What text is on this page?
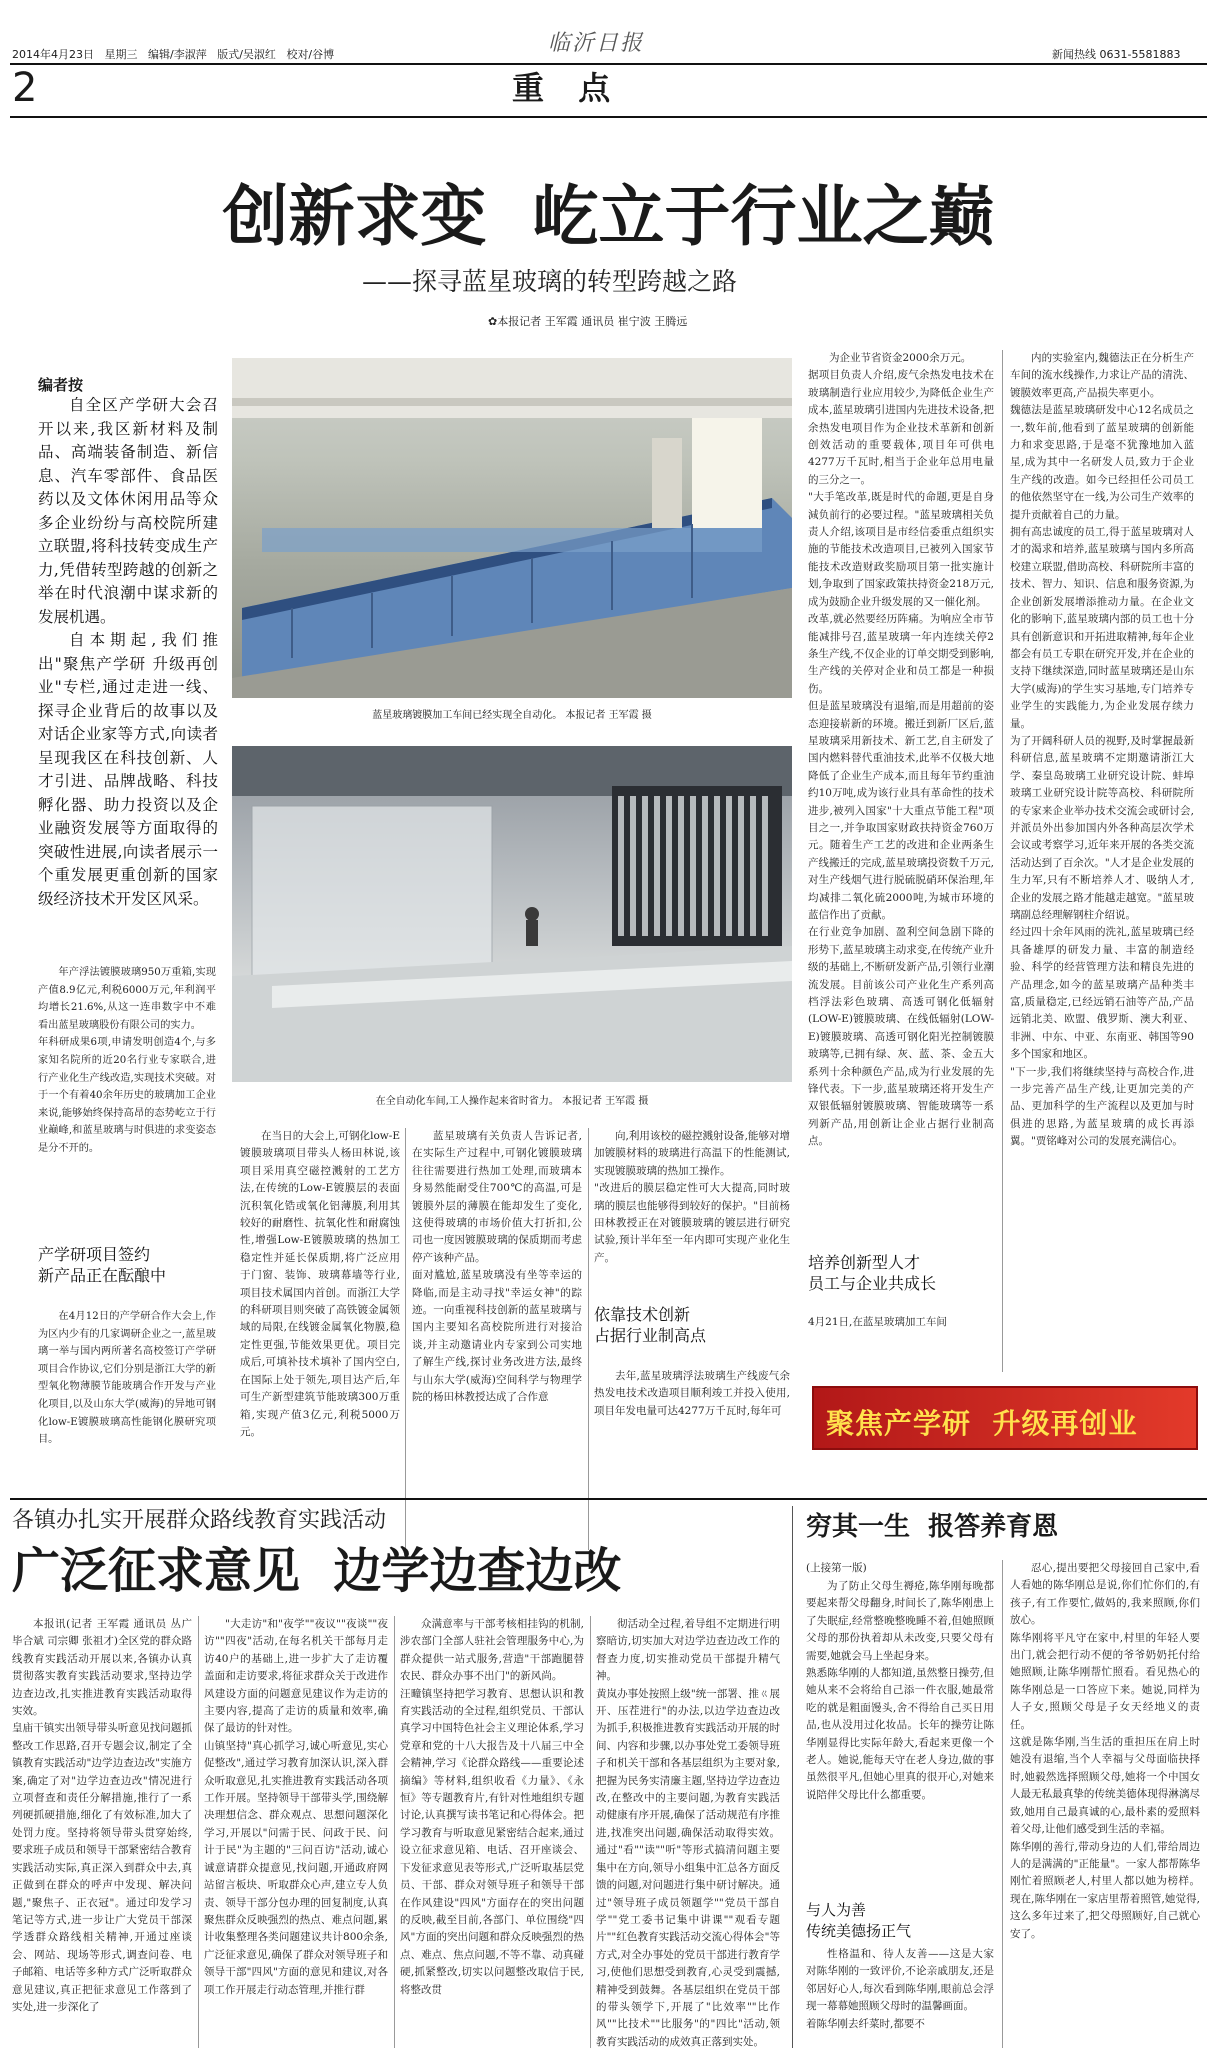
2014年4月23日 星期三 编辑/李淑萍 版式/吴淑红 校对/谷博	临沂日报	新闻热线 0631-5581883
2	重  点
创新求变  屹立于行业之巅
——探寻蓝星玻璃的转型跨越之路
✿本报记者 王军霞 通讯员 崔宁波 王腾远
编者按

自全区产学研大会召开以来,我区新材料及制品、高端装备制造、新信息、汽车零部件、食品医药以及文体休闲用品等众多企业纷纷与高校院所建立联盟,将科技转变成生产力,凭借转型跨越的创新之举在时代浪潮中谋求新的发展机遇。

自本期起,我们推出"聚焦产学研 升级再创业"专栏,通过走进一线、探寻企业背后的故事以及对话企业家等方式,向读者呈现我区在科技创新、人才引进、品牌战略、科技孵化器、助力投资以及企业融资发展等方面取得的突破性进展,向读者展示一个重发展更重创新的国家级经济技术开发区风采。

年产浮法镀膜玻璃950万重箱,实现产值8.9亿元,利税6000万元,年利润平均增长21.6%,从这一连串数字中不难看出蓝星玻璃股份有限公司的实力。
年科研成果6项,申请发明创造4个,与多家知名院所的近20名行业专家联合,进行产业化生产线改造,实现技术突破。对于一个有着40余年历史的玻璃加工企业来说,能够始终保持高昂的态势屹立于行业巅峰,和蓝星玻璃与时俱进的求变姿态是分不开的。
产学研项目签约
新产品正在酝酿中
在4月12日的产学研合作大会上,作为区内少有的几家调研企业之一,蓝星玻璃一举与国内两所著名高校签订产学研项目合作协议,它们分别是浙江大学的新型氧化物薄膜节能玻璃合作开发与产业化项目,以及山东大学(威海)的异地可钢化low-E镀膜玻璃高性能钢化膜研究项目。
蓝星玻璃镀膜加工车间已经实现全自动化。 本报记者 王军霞 摄
在全自动化车间,工人操作起来省时省力。 本报记者 王军霞 摄
在当日的大会上,可钢化low-E镀膜玻璃项目带头人杨田林说,该项目采用真空磁控溅射的工艺方法,在传统的Low-E镀膜层的表面沉积氧化锆或氧化铝薄膜,利用其较好的耐磨性、抗氧化性和耐腐蚀性,增强Low-E镀膜玻璃的热加工稳定性并延长保质期,将广泛应用于门窗、装饰、玻璃幕墙等行业,项目技术属国内首创。而浙江大学的科研项目则突破了高铁镀金属领域的局限,在线镀金属氧化物膜,稳定性更强,节能效果更优。项目完成后,可填补技术填补了国内空白,在国际上处于领先,项目达产后,年可生产新型建筑节能玻璃300万重箱,实现产值3亿元,利税5000万元。
蓝星玻璃有关负责人告诉记者,在实际生产过程中,可钢化镀膜玻璃往往需要进行热加工处理,而玻璃本身易然能耐受住700℃的高温,可是镀膜外层的薄膜在能却发生了变化,这使得玻璃的市场价值大打折扣,公司也一度因镀膜玻璃的保质期而考虑停产该种产品。
面对尴尬,蓝星玻璃没有坐等幸运的降临,而是主动寻找"幸运女神"的踪迹。一向重视科技创新的蓝星玻璃与国内主要知名高校院所进行对接洽谈,并主动邀请业内专家到公司实地了解生产线,探讨业务改进方法,最终与山东大学(威海)空间科学与物理学院的杨田林教授达成了合作意
向,利用该校的磁控溅射设备,能够对增加镀膜材料的玻璃进行高温下的性能测试,实现镀膜玻璃的热加工操作。
"改进后的膜层稳定性可大大提高,同时玻璃的膜层也能够得到较好的保护。"目前杨田林教授正在对镀膜玻璃的镀层进行研究试验,预计半年至一年内即可实现产业化生产。
依靠技术创新
占据行业制高点
去年,蓝星玻璃浮法玻璃生产线废气余热发电技术改造项目顺利竣工并投入使用,项目年发电量可达4277万千瓦时,每年可
为企业节省资金2000余万元。
据项目负责人介绍,废气余热发电技术在玻璃制造行业应用较少,为降低企业生产成本,蓝星玻璃引进国内先进技术设备,把余热发电项目作为企业技术革新和创新创效活动的重要载体,项目年可供电4277万千瓦时,相当于企业年总用电量的三分之一。
"大手笔改革,既是时代的命题,更是自身減负前行的必要过程。"蓝星玻璃相关负责人介绍,该项目是市经信委重点组织实施的节能技术改造项目,已被列入国家节能技术改造财政奖励项目第一批实施计划,争取到了国家政策扶持资金218万元,成为鼓励企业升级发展的又一催化剂。
改革,就必然要经历阵痛。为响应全市节能减排号召,蓝星玻璃一年内连续关停2条生产线,不仅企业的订单交期受到影响,生产线的关停对企业和员工都是一种损伤。
但是蓝星玻璃没有退缩,而是用超前的姿态迎接崭新的环境。搬迁到新厂区后,蓝星玻璃采用新技术、新工艺,自主研发了国内燃料替代重油技术,此举不仅极大地降低了企业生产成本,而且每年节约重油约10万吨,成为该行业具有革命性的技术进步,被列入国家"十大重点节能工程"项目之一,并争取国家财政扶持资金760万元。随着生产工艺的改进和企业两条生产线搬迁的完成,蓝星玻璃投资数千万元,对生产线烟气进行脱硫脱硝环保治理,年均减排二氧化硫2000吨,为城市环境的蓝信作出了贡献。
在行业竞争加剧、盈利空间急剧下降的形势下,蓝星玻璃主动求变,在传统产业升级的基础上,不断研发新产品,引领行业潮流发展。目前该公司产业化生产系列高档浮法彩色玻璃、高透可钢化低辐射(LOW-E)镀膜玻璃、在线低辐射(LOW-E)镀膜玻璃、高透可钢化阳光控制镀膜玻璃等,已拥有绿、灰、蓝、茶、金五大系列十余种颜色产品,成为行业发展的先锋代表。下一步,蓝星玻璃还将开发生产双银低辐射镀膜玻璃、智能玻璃等一系列新产品,用创新让企业占据行业制高点。
培养创新型人才
员工与企业共成长
4月21日,在蓝星玻璃加工车间
内的实验室内,魏德法正在分析生产车间的流水线操作,力求让产品的清洗、镀膜效率更高,产品损失率更小。
魏德法是蓝星玻璃研发中心12名成员之一,数年前,他看到了蓝星玻璃的创新能力和求变思路,于是毫不犹豫地加入蓝星,成为其中一名研发人员,致力于企业生产线的改造。如今已经担任公司员工的他依然坚守在一线,为公司生产效率的提升贡献着自己的力量。
拥有高忠诚度的员工,得于蓝星玻璃对人才的渴求和培养,蓝星玻璃与国内多所高校建立联盟,借助高校、科研院所丰富的技术、智力、知识、信息和服务资源,为企业创新发展增添推动力量。在企业文化的影响下,蓝星玻璃内部的员工也十分具有创新意识和开拓进取精神,每年企业都会有员工专职在研究开发,并在企业的支持下继续深造,同时蓝星玻璃还是山东大学(威海)的学生实习基地,专门培养专业学生的实践能力,为企业发展存续力量。
为了开阔科研人员的视野,及时掌握最新科研信息,蓝星玻璃不定期邀请浙江大学、秦皇岛玻璃工业研究设计院、蚌埠玻璃工业研究设计院等高校、科研院所的专家来企业举办技术交流会或研讨会,并派员外出参加国内外各种高层次学术会议或考察学习,近年来开展的各类交流活动达到了百余次。"人才是企业发展的生力军,只有不断培养人才、吸纳人才,企业的发展之路才能越走越宽。"蓝星玻璃副总经理解钢柱介绍说。
经过四十余年风雨的洗礼,蓝星玻璃已经具备雄厚的研发力量、丰富的制造经验、科学的经营管理方法和精良先进的产品理念,如今的蓝星玻璃产品种类丰富,质量稳定,已经远销石油等产品,产品远销北美、欧盟、俄罗斯、澳大利亚、非洲、中东、中亚、东南亚、韩国等90多个国家和地区。
"下一步,我们将继续坚持与高校合作,进一步完善产品生产线,让更加完美的产品、更加科学的生产流程以及更加与时俱进的思路,为蓝星玻璃的成长再添翼。"贾铭峰对公司的发展充满信心。
聚焦产学研  升级再创业
各镇办扎实开展群众路线教育实践活动
广泛征求意见  边学边查边改
本报讯(记者 王军霞 通讯员 丛广 毕合斌 司宗卿 张祖才)全区党的群众路线教育实践活动开展以来,各镇办认真贯彻落实教育实践活动要求,坚持边学边查边改,扎实推进教育实践活动取得实效。
皇庙干镇实出领导带头听意见找问题抓整改工作思路,召开专题会议,制定了全镇教育实践活动"边学边查边改"实施方案,确定了对"边学边查边改"情况进行立项督查和责任分解措施,推行了一系列硬抓硬措施,细化了有效标准,加大了处罚力度。坚持将领导带头贯穿始终,要求班子成员和领导干部紧密结合教育实践活动实际,真正深入到群众中去,真正做到在群众的呼声中发现、解决问题,"聚焦子、正衣冠"。通过印发学习笔记等方式,进一步让广大党员干部深学透群众路线相关精神,开通过座谈会、网站、现场等形式,调查问卷、电子邮箱、电话等多种方式广泛听取群众意见建议,真正把征求意见工作落到了实处,进一步深化了
"大走访"和"夜学""夜议""夜谈""夜访""四夜"活动,在每名机关干部每月走访40户的基础上,进一步扩大了走访覆盖面和走访要求,将征求群众关于改进作风建设方面的问题意见建议作为走访的主要内容,提高了走访的质量和效率,确保了最访的针对性。
山镇坚持"真心抓学习,诚心听意见,实心促整改",通过学习教育加深认识,深入群众听取意见,扎实推进教育实践活动各项工作开展。坚持领导干部带头学,围绕解决理想信念、群众观点、思想问题深化学习,开展以"问需于民、问政于民、问计于民"为主题的"三问百访"活动,诚心诚意请群众提意见,找问题,开通政府网站留言板块、听取群众心声,建立专人负责、领导干部分包办理的回复制度,认真聚焦群众反映强烈的热点、难点问题,累计收集整理各类问题建议共计800余条,广泛征求意见,确保了群众对领导班子和领导干部"四风"方面的意见和建议,对各项工作开展走行动态管理,并推行群
众满意率与干部考核相挂钩的机制,涉农部门全部人驻社会管理服务中心,为群众提供一站式服务,营造"干部跑腿替农民、群众办事不出门"的新风尚。
汪疃镇坚持把学习教育、思想认识和教育实践活动的全过程,组织党员、干部认真学习中国特色社会主义理论体系,学习党章和党的十八大报告及十八届三中全会精神,学习《论群众路线——重要论述摘编》等材料,组织收看《力量》、《永恒》等专题教育片,有针对性地组织专题讨论,认真撰写读书笔记和心得体会。把学习教育与听取意见紧密结合起来,通过设立征求意见箱、电话、召开座谈会、下发征求意见表等形式,广泛听取基层党员、干部、群众对领导班子和领导干部在作风建设"四风"方面存在的突出问题的反映,截至目前,各部门、单位围绕"四风"方面的突出问题和群众反映强烈的热点、难点、焦点问题,不等不靠、动真碰硬,抓紧整改,切实以问题整改取信于民,将整改贯
彻活动全过程,着导组不定期进行明察暗访,切实加大对边学边查边改工作的督查力度,切实推动党员干部提升精气神。
黄岚办事处按照上级"统一部署、推ㄍ展开、压茬进行"的办法,以边学边查边改为抓手,积极推进教育实践活动开展的时间、内容和步骤,以办事处党工委领导班子和机关干部和各基层组织为主要对象,把握为民务实清廉主题,坚持边学边查边改,在整改中的主要问题,为教育实践活动健康有序开展,确保了活动规范有序推进,找准突出问题,确保活动取得实效。通过"看""读""听"等形式搞清问题主要集中在方向,领导小组集中汇总各方面反馈的问题,对问题进行集中研讨解决。通过"领导班子成员领题学""党员干部自学""党工委书记集中讲课""观看专题片""红色教育实践活动交流心得体会"等方式,对全办事处的党员干部进行教育学习,使他们思想受到教育,心灵受到震撼,精神受到鼓舞。各基层组织在党员干部的带头领学下,开展了"比效率""比作风""比技术""比服务"的"四比"活动,领教育实践活动的成效真正落到实处。
穷其一生  报答养育恩
(上接第一版)
为了防止父母生褥疮,陈华刚每晚都要起来帮父母翻身,时间长了,陈华刚患上了失眠症,经常整晚整晚睡不着,但她照顾父母的那份执着却从未改变,只要父母有需要,她就会马上坐起身来。
熟悉陈华刚的人都知道,虽然整日操劳,但她从来不会将给自己添一件衣服,她最常吃的就是粗面馒头,舍不得给自己买日用品,也从没用过化妆品。长年的操劳让陈华刚显得比实际年龄大,看起来更像一个老人。她说,能每天守在老人身边,做的事虽然很平凡,但她心里真的很开心,对她来说陪伴父母比什么都重要。
与人为善
传统美德扬正气
性格温和、待人友善——这是大家对陈华刚的一致评价,不论亲戚朋友,还是邻居好心人,每次看到陈华刚,眼前总会浮现一幕幕她照顾父母时的温馨画面。
着陈华刚去纤菜时,都要不
忍心,提出要把父母接回自己家中,看人看她的陈华刚总是说,你们忙你们的,有孩子,有工作要忙,做妈的,我来照顾,你们放心。
陈华刚将平凡守在家中,村里的年轻人要出门,就会把行动不便的爷爷奶奶托付给她照顾,让陈华刚帮忙照看。看见热心的陈华刚总是一口答应下来。她说,同样为人子女,照顾父母是子女天经地义的责任。
这就是陈华刚,当生活的重担压在肩上时她没有退缩,当个人幸福与父母面临抉择时,她毅然选择照顾父母,她将一个中国女人最无私最真挚的传统美德体现得淋漓尽致,她用自己最真诚的心,最朴素的爱照料着父母,让他们感受到生活的幸福。
陈华刚的善行,带动身边的人们,带给周边人的是满满的"正能量"。一家人都帮陈华刚忙着照顾老人,村里人都以她为榜样。现在,陈华刚在一家店里帮着照管,她觉得,这么多年过来了,把父母照顾好,自己就心安了。
